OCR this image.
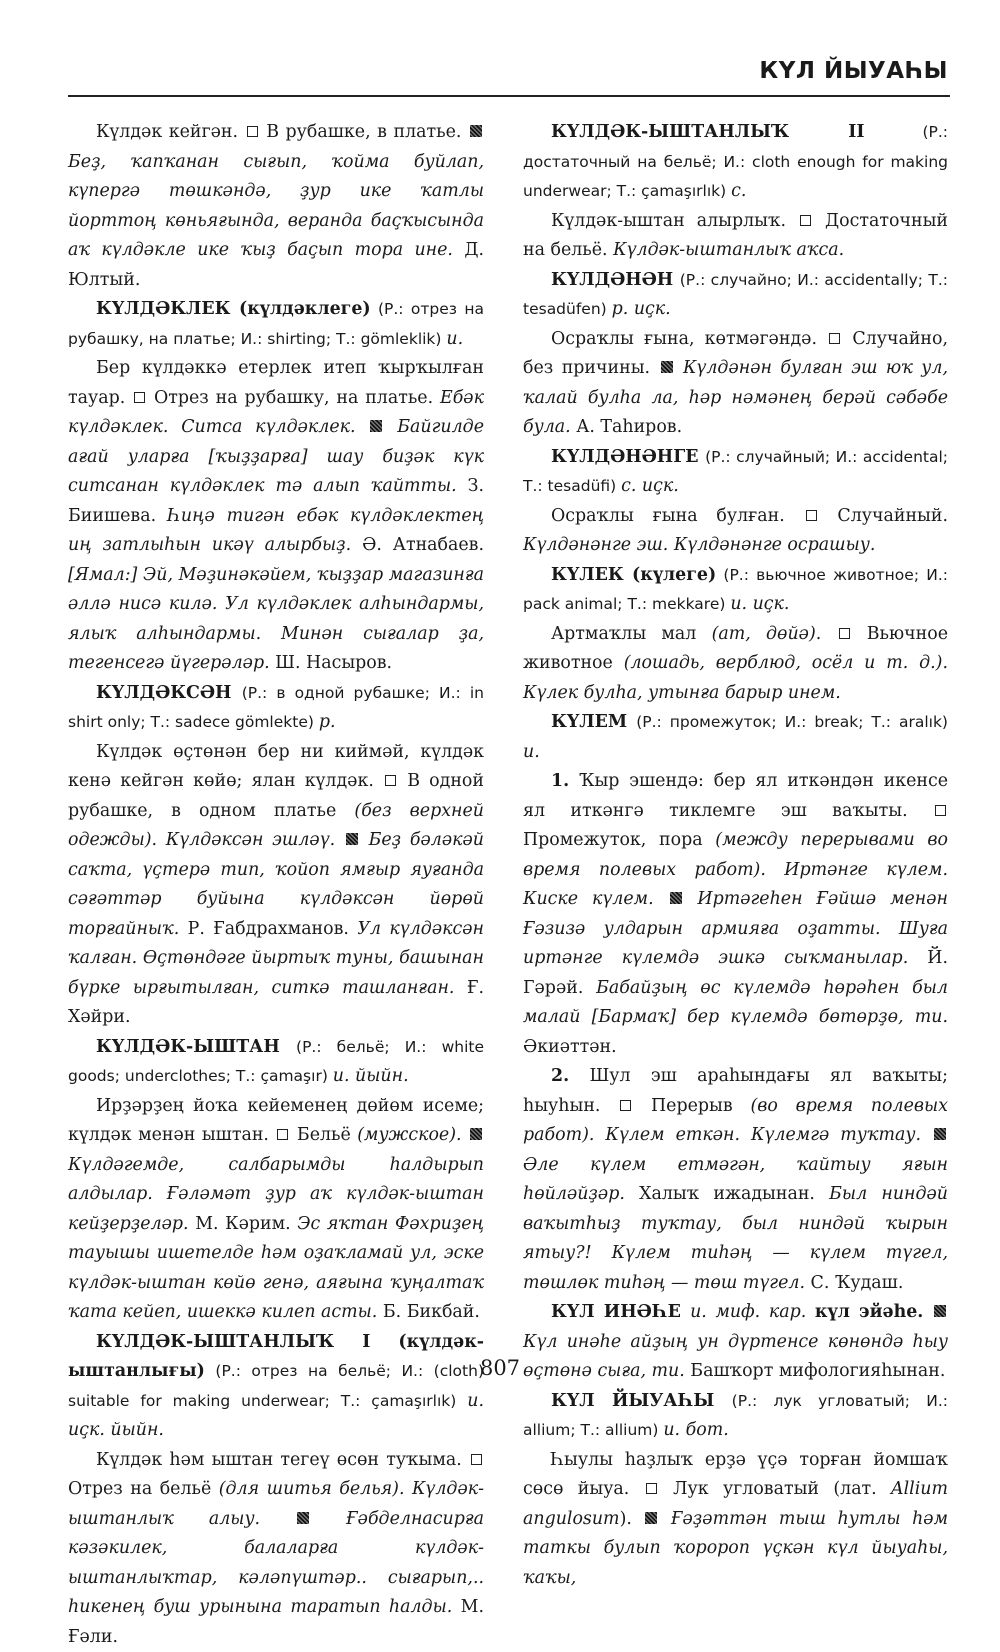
КҮЛ ЙЫУАҺЫ

Күлдәк кейгән.  В рубашке, в платье. Беҙ, ҡапҡанан сығып, ҡойма буйлап, күпергә төшкәндә, ҙур ике ҡатлы йорттоң көньяғында, веранда баҫҡысында аҡ күлдәкле ике ҡыҙ баҫып тора ине. Д. Юлтый.

КҮЛДӘКЛЕК (күлдәклеге) (Р.: отрез на рубашку, на платье; И.: shirting; Т.: gömleklik) и.

Бер күлдәккә етерлек итеп ҡырҡылған тауар.  Отрез на рубашку, на платье. Ебәк күлдәклек. Ситса күлдәклек. Байгилде ағай уларға [ҡыҙҙарға] шау биҙәк күк ситсанан күлдәклек тә алып ҡайтты. З. Биишева. Һиңә тигән ебәк күлдәклектең иң затлыһын икәү алырбыҙ. Ә. Атнабаев. [Ямал:] Эй, Мәҙинәкәйем, ҡыҙҙар магазинға әллә нисә килә. Ул күлдәклек алһындармы, ялыҡ алһындармы. Минән сығалар ҙа, тегенсегә йүгерәләр. Ш. Насыров.

КҮЛДӘКСӘН (Р.: в одной рубашке; И.: in shirt only; Т.: sadece gömlekte) р.

Күлдәк өҫтөнән бер ни киймәй, күлдәк кенә кейгән көйө; ялан күлдәк.  В одной рубашке, в одном платье (без верхней одежды). Күлдәксән эшләү. Беҙ бәләкәй саҡта, үҫтерә тип, ҡойоп ямғыр яуғанда сәғәттәр буйына күлдәксән йөрөй торғайныҡ. Р. Ғабдрахманов. Ул күлдәксән ҡалған. Өҫтөндәге йыртыҡ туны, башынан бүрке ырғытылған, ситкә ташланған. Ғ. Хәйри.

КҮЛДӘК-ЫШТАН (Р.: бельё; И.: white goods; underclothes; Т.: çamaşır) и. йыйн.

Ирҙәрҙең йоҡа кейеменең дөйөм исеме; күлдәк менән ыштан.  Бельё (мужское).  Күлдәгемде, салбарымды һалдырып алдылар. Ғәләмәт ҙур аҡ күлдәк-ыштан кейҙерҙеләр. М. Кәрим. Эс яҡтан Фәхриҙең тауышы ишетелде һәм оҙаҡламай ул, эске күлдәк-ыштан көйө генә, аяғына ҡуңалтаҡ ҡата кейеп, ишеккә килеп асты. Б. Бикбай.

КҮЛДӘК-ЫШТАНЛЫҠ I (күлдәк-ыштанлығы) (Р.: отрез на бельё; И.: (cloth) suitable for making underwear; Т.: çamaşırlık) и. иҫк. йыйн.

Күлдәк һәм ыштан тегеү өсөн туҡыма.  Отрез на бельё (для шитья белья). Күлдәк-ыштанлыҡ алыу.	Ғәбделнасирға кәзәкилек, балаларға күлдәк-ыштанлыҡтар, кәләпүштәр.. сығарып,.. һикенең буш урынына таратып һалды. М. Ғәли.

КҮЛДӘК-ЫШТАНЛЫҠ II (Р.: достаточный на бельё; И.: cloth enough for making underwear; Т.: çamaşırlık) с.

Күлдәк-ыштан алырлыҡ.  Достаточный на бельё. Күлдәк-ыштанлыҡ аҡса.

КҮЛДӘНӘН (Р.: случайно; И.: accidentally; Т.: tesadüfen) р. иҫк.

Осраҡлы ғына, көтмәгәндә.  Случайно, без причины.  Күлдәнән булған эш юҡ ул, ҡалай булһа ла, һәр нәмәнең берәй сәбәбе була. А. Таһиров.

КҮЛДӘНӘНГЕ (Р.: случайный; И.: accidental; Т.: tesadüfi) с. иҫк.

Осраҡлы ғына булған.  Случайный. Күлдәнәнге эш. Күлдәнәнге осрашыу.

КҮЛЕК (күлеге) (Р.: вьючное животное; И.: pack animal; Т.: mekkare) и. иҫк.

Артмаҡлы мал (ат, дөйә).  Вьючное животное (лошадь, верблюд, осёл и т. д.). Күлек булһа, утынға барыр инем.

КҮЛЕМ (Р.: промежуток; И.: break; Т.: aralık) и.

1. Ҡыр эшендә: бер ял иткәндән икенсе ял иткәнгә тиклемге эш ваҡыты.  Промежуток, пора (между перерывами во время полевых работ). Иртәнге күлем. Киске күлем.	Иртәгеһен Ғәйшә менән Ғәзизә улдарын армияға оҙатты. Шуға иртәнге күлемдә эшкә сыҡманылар. Й. Гәрәй. Бабайҙың өс күлемдә һөрәһен был малай [Бармаҡ] бер күлемдә бөтөрҙө, ти. Әкиәттән.

2. Шул эш араһындағы ял ваҡыты; һыуһын.  Перерыв (во время полевых работ). Күлем еткән. Күлемгә туҡтау.  Әле күлем етмәгән, ҡайтыу яғын һөйләйҙәр. Халыҡ ижадынан. Был ниндәй ваҡытһыҙ туҡтау, был ниндәй ҡырын ятыу?! Күлем тиһәң — күлем түгел, төшлөк тиһәң — төш түгел. С. Ҡудаш.

КҮЛ ИНӘҺЕ и. миф. кар. күл эйәһе.  Күл инәһе айҙың ун дүртенсе көнөндә һыу өҫтөнә сыға, ти. Башҡорт мифологияһынан.

КҮЛ ЙЫУАҺЫ (Р.: лук угловатый; И.: allium; Т.: allium) и. бот.

Һыулы һаҙлыҡ ерҙә үҫә торған йомшаҡ сөсө йыуа.  Лук угловатый (лат. Allium angulosum).  Ғәҙәттән тыш һутлы һәм таткы булып ҡоророп үҫкән күл йыуаһы, ҡаҡы,

807
